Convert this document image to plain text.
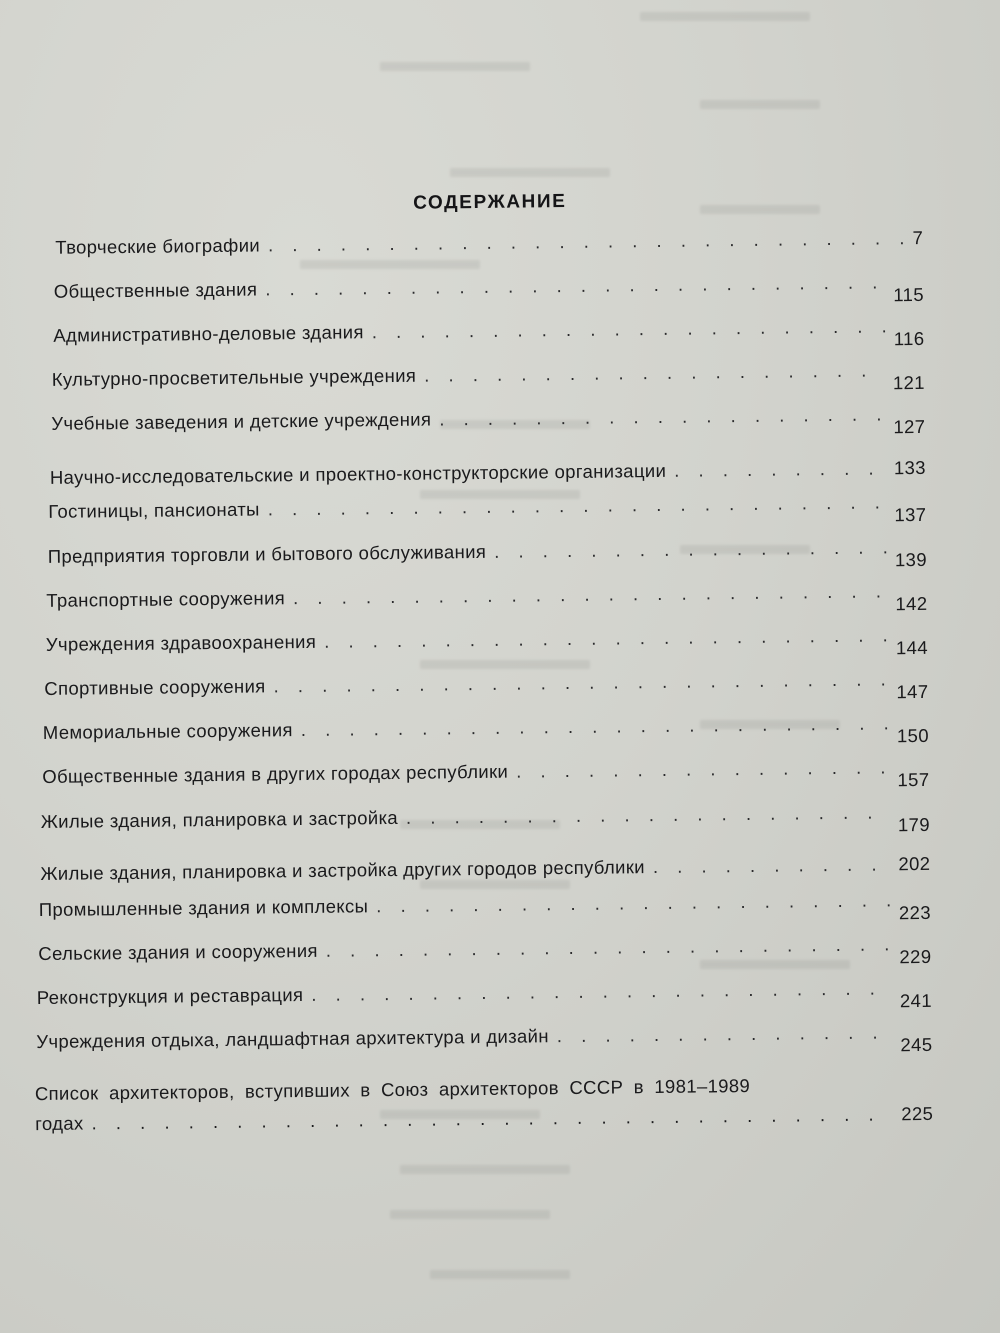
СОДЕРЖАНИЕ
Творческие биографии . . .	7
Общественные здания . . .	115
Административно-деловые здания . . .	116
Культурно-просветительные учреждения . . .	121
Учебные заведения и детские учреждения . . .	127
Научно-исследовательские и проектно-конструкторские организации . . .	133
Гостиницы, пансионаты . . .	137
Предприятия торговли и бытового обслуживания . . .	139
Транспортные сооружения . . .	142
Учреждения здравоохранения . . .	144
Спортивные сооружения . . .	147
Мемориальные сооружения . . .	150
Общественные здания в других городах республики . . .	157
Жилые здания, планировка и застройка . . .	179
Жилые здания, планировка и застройка других городов республики . . .	202
Промышленные здания и комплексы . . .	223
Сельские здания и сооружения . . .	229
Реконструкция и реставрация . . .	241
Учреждения отдыха, ландшафтная архитектура и дизайн . . .	245
Список архитекторов, вступивших в Союз архитекторов СССР в 1981–1989
годах . . .	225
